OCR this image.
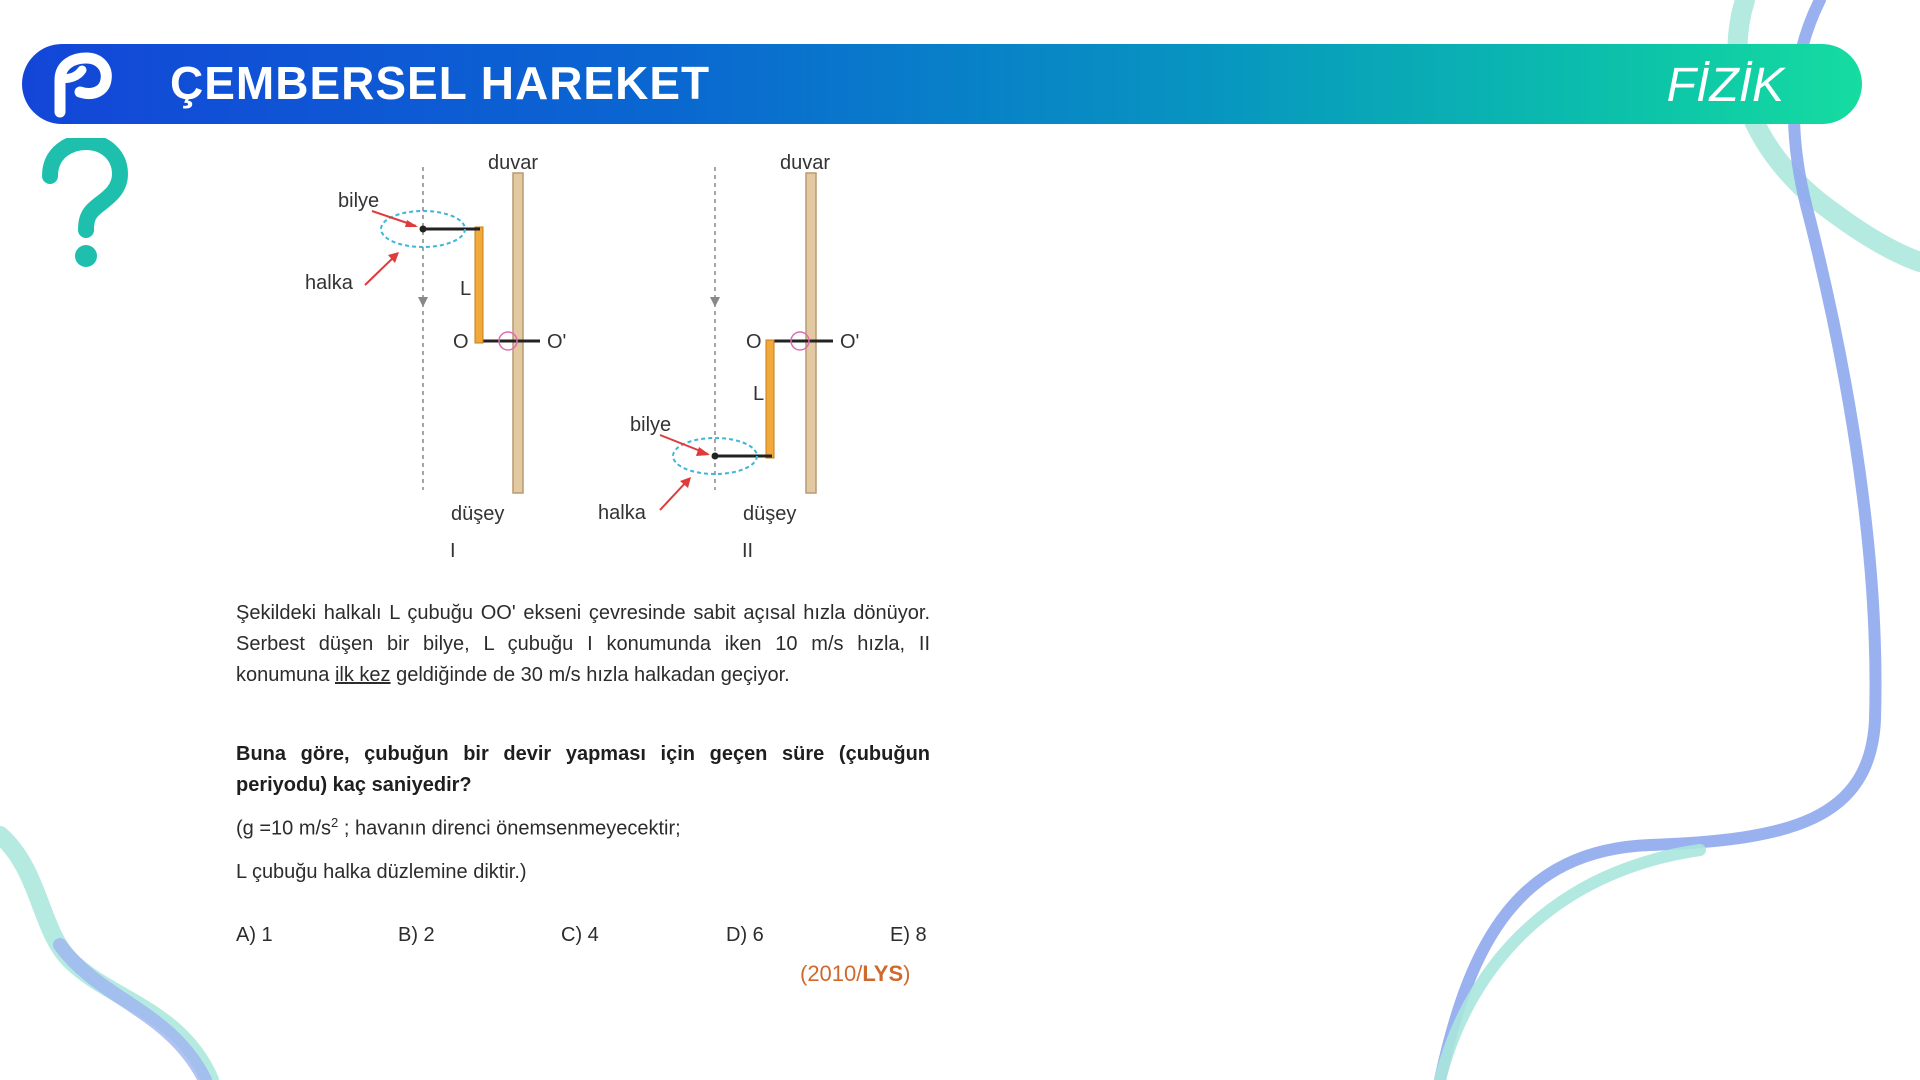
ÇEMBERSEL HAREKET	FİZİK
duvar
bilye
halka	L
O	O'
düşey
I
duvar
bilye
halka
L
O	O'
düşey
II
Şekildeki halkalı L çubuğu OO' ekseni çevresinde sabit açısal hızla dönüyor. Serbest düşen bir bilye, L çubuğu I konumunda iken 10 m/s hızla, II konumuna ilk kez geldiğinde de 30 m/s hızla halkadan geçiyor.
Buna göre, çubuğun bir devir yapması için geçen süre (çubuğun periyodu) kaç saniyedir?
(g =10 $m/s^2$ ; havanın direnci önemsenmeyecektir;
L çubuğu halka düzlemine diktir.)
A) 1	B) 2	C) 4	D) 6	E) 8
(2010/LYS)
